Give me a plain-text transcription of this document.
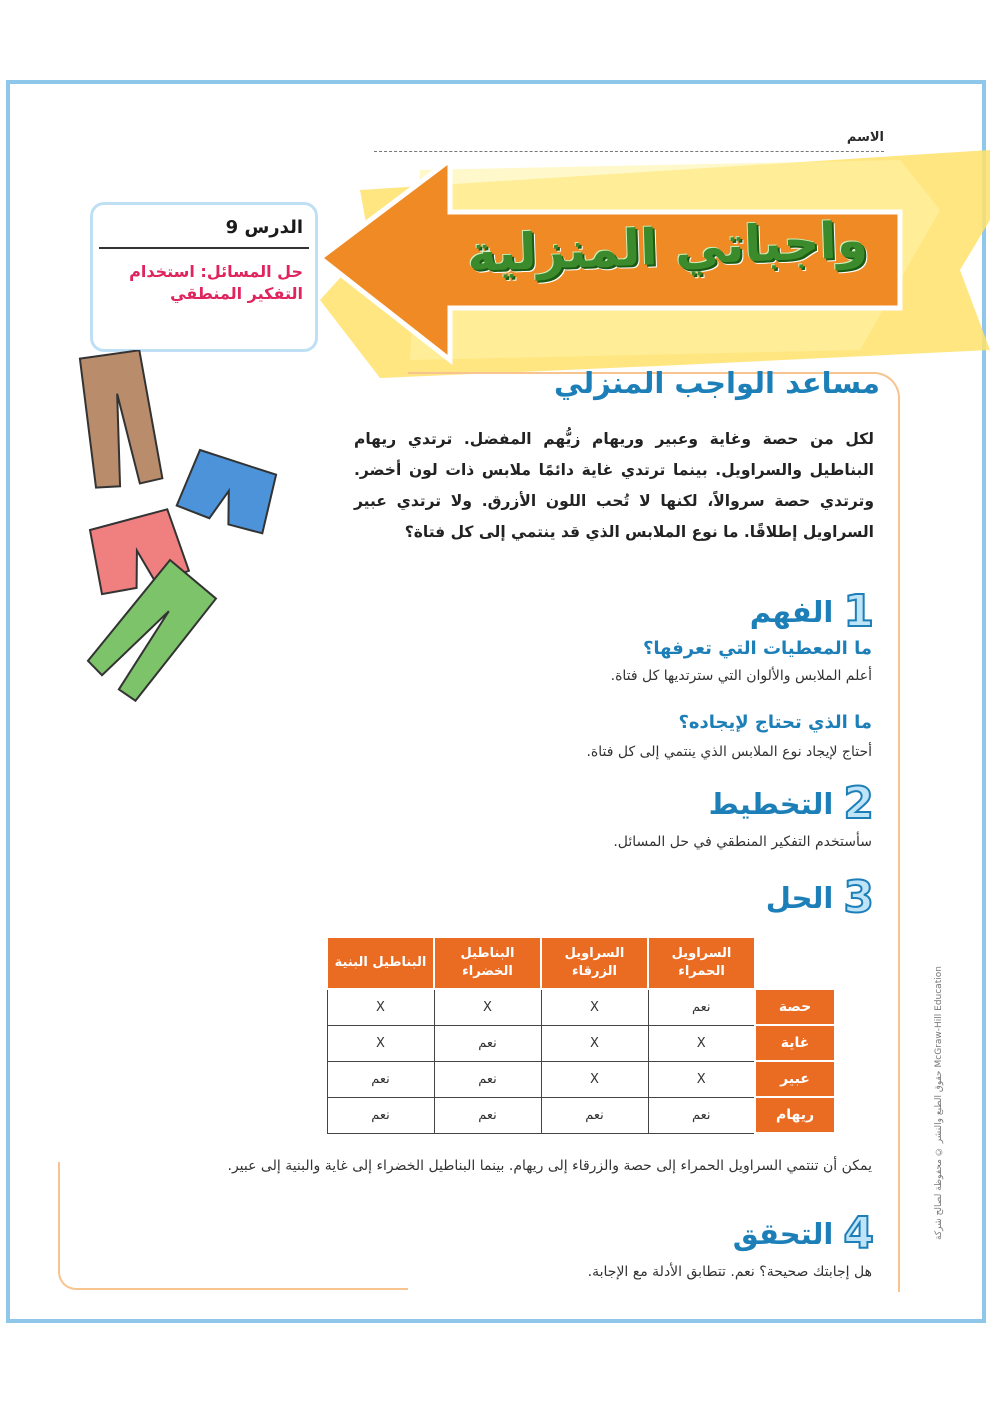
الاسم
واجباتي المنزلية
الدرس 9
حل المسائل: استخدام التفكير المنطقي
مساعد الواجب المنزلي
لكل من حصة وغاية وعبير وريهام زيُّهم المفضل. ترتدي ريهام البناطيل والسراويل. بينما ترتدي غاية دائمًا ملابس ذات لون أخضر. وترتدي حصة سروالاً، لكنها لا تُحب اللون الأزرق. ولا ترتدي عبير السراويل إطلاقًا. ما نوع الملابس الذي قد ينتمي إلى كل فتاة؟
1
الفهم
ما المعطيات التي تعرفها؟
أعلم الملابس والألوان التي سترتديها كل فتاة.
ما الذي تحتاج لإيجاده؟
أحتاج لإيجاد نوع الملابس الذي ينتمي إلى كل فتاة.
2
التخطيط
سأستخدم التفكير المنطقي في حل المسائل.
3
الحل
	السراويل الحمراء	السراويل الزرقاء	البناطيل الخضراء	البناطيل البنية
حصة	نعم	X	X	X
غاية	X	X	نعم	X
عبير	X	X	نعم	نعم
ريهام	نعم	نعم	نعم	نعم
يمكن أن تنتمي السراويل الحمراء إلى حصة والزرقاء إلى ريهام. بينما البناطيل الخضراء إلى غاية والبنية إلى عبير.
4
التحقق
هل إجابتك صحيحة؟ نعم. تتطابق الأدلة مع الإجابة.
حقوق الطبع والنشر © محفوظة لصالح شركة McGraw-Hill Education
